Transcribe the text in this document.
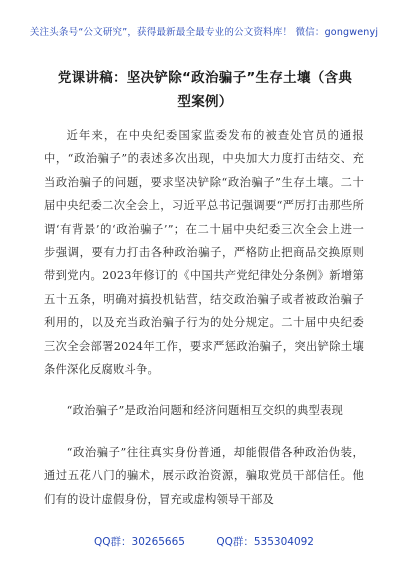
关注头条号“公文研究”，获得最新最全最专业的公文资料库！ 微信：gongwenyj
党课讲稿：坚决铲除“政治骗子”生存土壤（含典型案例）

近年来，在中央纪委国家监委发布的被查处官员的通报中，“政治骗子”的表述多次出现，中央加大力度打击结交、充当政治骗子的问题，要求坚决铲除“政治骗子”生存土壤。二十届中央纪委二次全会上，习近平总书记强调要“严厉打击那些所谓‘有背景’的‘政治骗子’”；在二十届中央纪委三次全会上进一步强调，要有力打击各种政治骗子，严格防止把商品交换原则带到党内。2023年修订的《中国共产党纪律处分条例》新增第五十五条，明确对搞投机钻营，结交政治骗子或者被政治骗子利用的，以及充当政治骗子行为的处分规定。二十届中央纪委三次全会部署2024年工作，要求严惩政治骗子，突出铲除土壤条件深化反腐败斗争。

“政治骗子”是政治问题和经济问题相互交织的典型表现

“政治骗子”往往真实身份普通，却能假借各种政治伪装，通过五花八门的骗术，展示政治资源，骗取党员干部信任。他们有的设计虚假身份，冒充或虚构领导干部及

QQ群：30265665	QQ群：535304092
